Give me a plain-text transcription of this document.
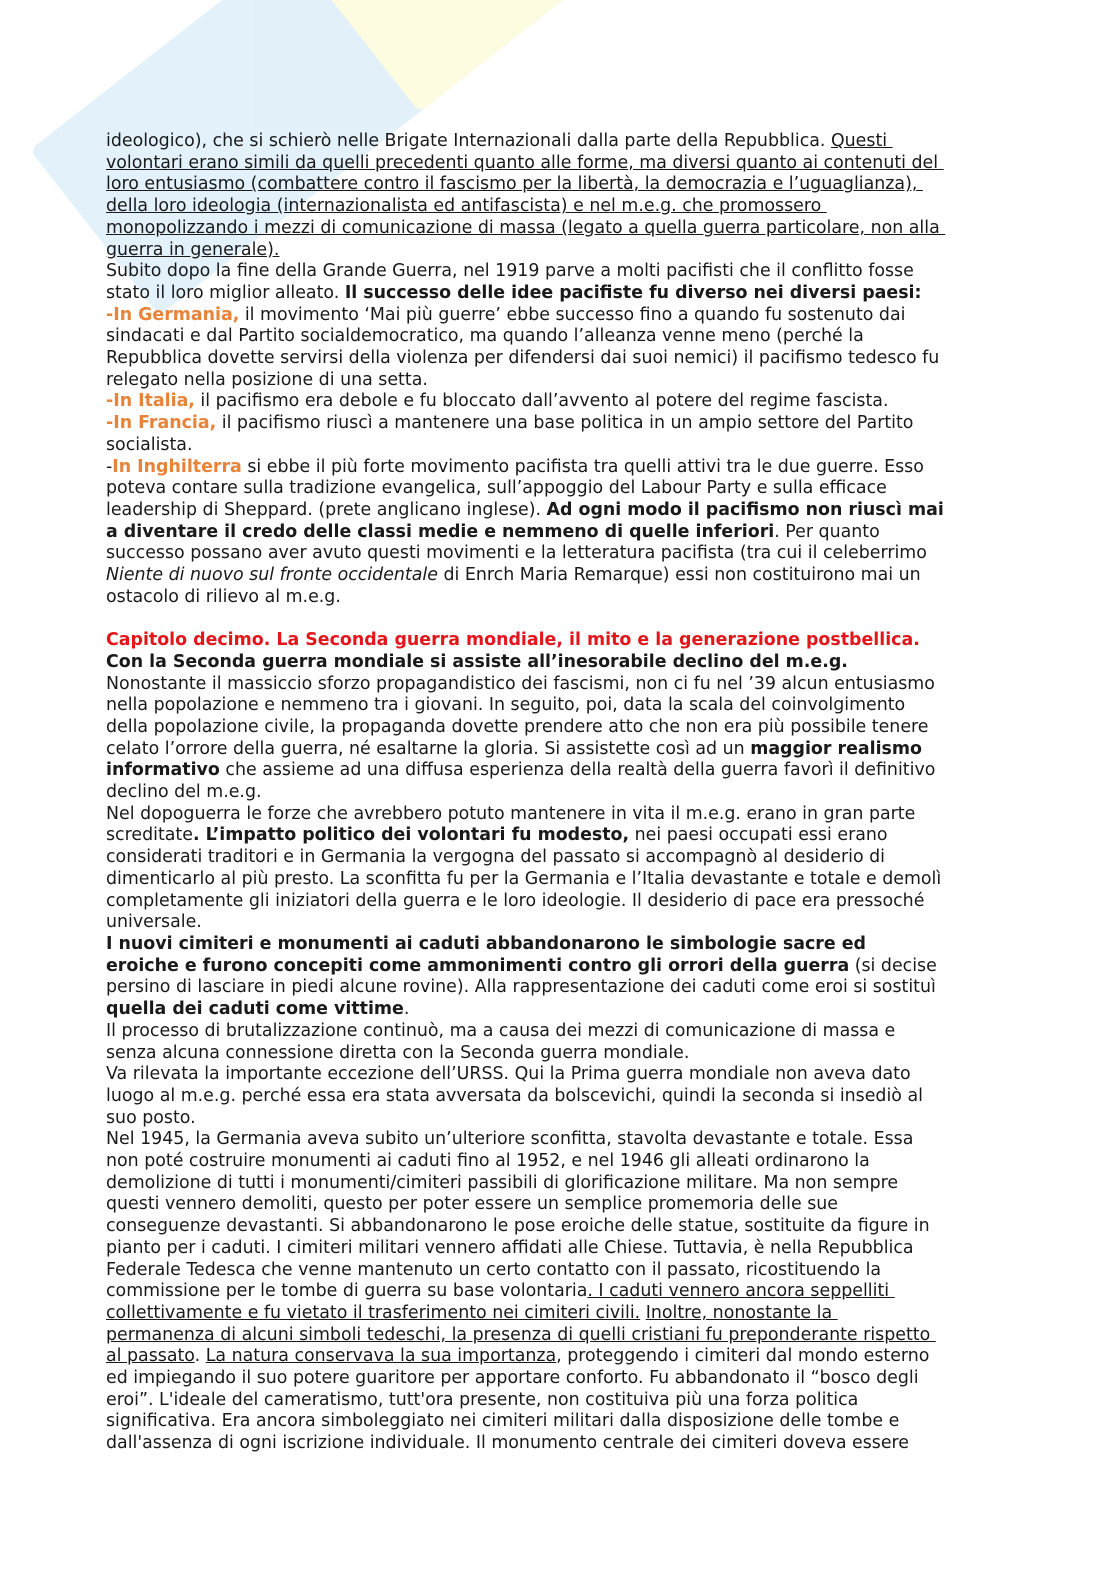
ideologico), che si schierò nelle Brigate Internazionali dalla parte della Repubblica. Questi
volontari erano simili da quelli precedenti quanto alle forme, ma diversi quanto ai contenuti del
loro entusiasmo (combattere contro il fascismo per la libertà, la democrazia e l’uguaglianza),
della loro ideologia (internazionalista ed antifascista) e nel m.e.g. che promossero
monopolizzando i mezzi di comunicazione di massa (legato a quella guerra particolare, non alla
guerra in generale).
Subito dopo la fine della Grande Guerra, nel 1919 parve a molti pacifisti che il conflitto fosse
stato il loro miglior alleato. Il successo delle idee pacifiste fu diverso nei diversi paesi:
-In Germania, il movimento ‘Mai più guerre’ ebbe successo fino a quando fu sostenuto dai
sindacati e dal Partito socialdemocratico, ma quando l’alleanza venne meno (perché la
Repubblica dovette servirsi della violenza per difendersi dai suoi nemici) il pacifismo tedesco fu
relegato nella posizione di una setta.
-In Italia, il pacifismo era debole e fu bloccato dall’avvento al potere del regime fascista.
-In Francia, il pacifismo riuscì a mantenere una base politica in un ampio settore del Partito
socialista.
-In Inghilterra si ebbe il più forte movimento pacifista tra quelli attivi tra le due guerre. Esso
poteva contare sulla tradizione evangelica, sull’appoggio del Labour Party e sulla efficace
leadership di Sheppard. (prete anglicano inglese). Ad ogni modo il pacifismo non riuscì mai
a diventare il credo delle classi medie e nemmeno di quelle inferiori. Per quanto
successo possano aver avuto questi movimenti e la letteratura pacifista (tra cui il celeberrimo
Niente di nuovo sul fronte occidentale di Enrch Maria Remarque) essi non costituirono mai un
ostacolo di rilievo al m.e.g.
Capitolo decimo. La Seconda guerra mondiale, il mito e la generazione postbellica.
Con la Seconda guerra mondiale si assiste all’inesorabile declino del m.e.g.
Nonostante il massiccio sforzo propagandistico dei fascismi, non ci fu nel ’39 alcun entusiasmo
nella popolazione e nemmeno tra i giovani. In seguito, poi, data la scala del coinvolgimento
della popolazione civile, la propaganda dovette prendere atto che non era più possibile tenere
celato l’orrore della guerra, né esaltarne la gloria. Si assistette così ad un maggior realismo
informativo che assieme ad una diffusa esperienza della realtà della guerra favorì il definitivo
declino del m.e.g.
Nel dopoguerra le forze che avrebbero potuto mantenere in vita il m.e.g. erano in gran parte
screditate. L’impatto politico dei volontari fu modesto, nei paesi occupati essi erano
considerati traditori e in Germania la vergogna del passato si accompagnò al desiderio di
dimenticarlo al più presto. La sconfitta fu per la Germania e l’Italia devastante e totale e demolì
completamente gli iniziatori della guerra e le loro ideologie. Il desiderio di pace era pressoché
universale.
I nuovi cimiteri e monumenti ai caduti abbandonarono le simbologie sacre ed
eroiche e furono concepiti come ammonimenti contro gli orrori della guerra (si decise
persino di lasciare in piedi alcune rovine). Alla rappresentazione dei caduti come eroi si sostituì
quella dei caduti come vittime.
Il processo di brutalizzazione continuò, ma a causa dei mezzi di comunicazione di massa e
senza alcuna connessione diretta con la Seconda guerra mondiale.
Va rilevata la importante eccezione dell’URSS. Qui la Prima guerra mondiale non aveva dato
luogo al m.e.g. perché essa era stata avversata da bolscevichi, quindi la seconda si insediò al
suo posto.
Nel 1945, la Germania aveva subito un’ulteriore sconfitta, stavolta devastante e totale. Essa
non poté costruire monumenti ai caduti fino al 1952, e nel 1946 gli alleati ordinarono la
demolizione di tutti i monumenti/cimiteri passibili di glorificazione militare. Ma non sempre
questi vennero demoliti, questo per poter essere un semplice promemoria delle sue
conseguenze devastanti. Si abbandonarono le pose eroiche delle statue, sostituite da figure in
pianto per i caduti. I cimiteri militari vennero affidati alle Chiese. Tuttavia, è nella Repubblica
Federale Tedesca che venne mantenuto un certo contatto con il passato, ricostituendo la
commissione per le tombe di guerra su base volontaria. I caduti vennero ancora seppelliti
collettivamente e fu vietato il trasferimento nei cimiteri civili. Inoltre, nonostante la
permanenza di alcuni simboli tedeschi, la presenza di quelli cristiani fu preponderante rispetto
al passato. La natura conservava la sua importanza, proteggendo i cimiteri dal mondo esterno
ed impiegando il suo potere guaritore per apportare conforto. Fu abbandonato il “bosco degli
eroi”. L'ideale del cameratismo, tutt'ora presente, non costituiva più una forza politica
significativa. Era ancora simboleggiato nei cimiteri militari dalla disposizione delle tombe e
dall'assenza di ogni iscrizione individuale. Il monumento centrale dei cimiteri doveva essere
